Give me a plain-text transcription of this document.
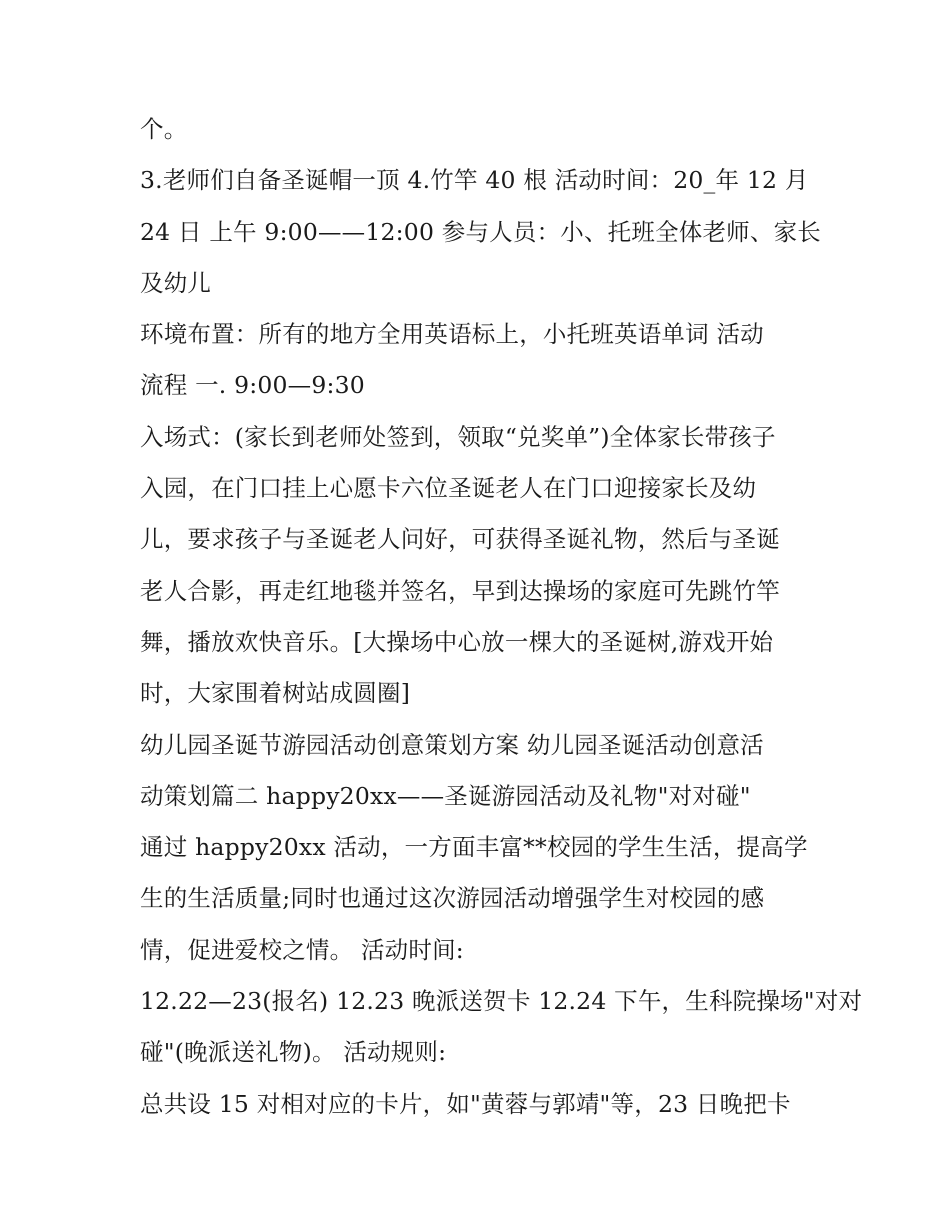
个。
3.老师们自备圣诞帽一顶 4.竹竿 40 根 活动时间：20_年 12 月
24 日 上午 9:00——12:00 参与人员：小、托班全体老师、家长
及幼儿
环境布置：所有的地方全用英语标上，小托班英语单词 活动
流程 一. 9:00—9:30
入场式：(家长到老师处签到，领取“兑奖单”)全体家长带孩子
入园，在门口挂上心愿卡六位圣诞老人在门口迎接家长及幼
儿，要求孩子与圣诞老人问好，可获得圣诞礼物，然后与圣诞
老人合影，再走红地毯并签名，早到达操场的家庭可先跳竹竿
舞，播放欢快音乐。[大操场中心放一棵大的圣诞树,游戏开始
时，大家围着树站成圆圈]
幼儿园圣诞节游园活动创意策划方案 幼儿园圣诞活动创意活
动策划篇二 happy20xx——圣诞游园活动及礼物"对对碰"
通过 happy20xx 活动，一方面丰富**校园的学生生活，提高学
生的生活质量;同时也通过这次游园活动增强学生对校园的感
情，促进爱校之情。 活动时间:
12.22—23(报名) 12.23 晚派送贺卡 12.24 下午，生科院操场"对对
碰"(晚派送礼物)。 活动规则:
总共设 15 对相对应的卡片，如"黄蓉与郭靖"等，23 日晚把卡
